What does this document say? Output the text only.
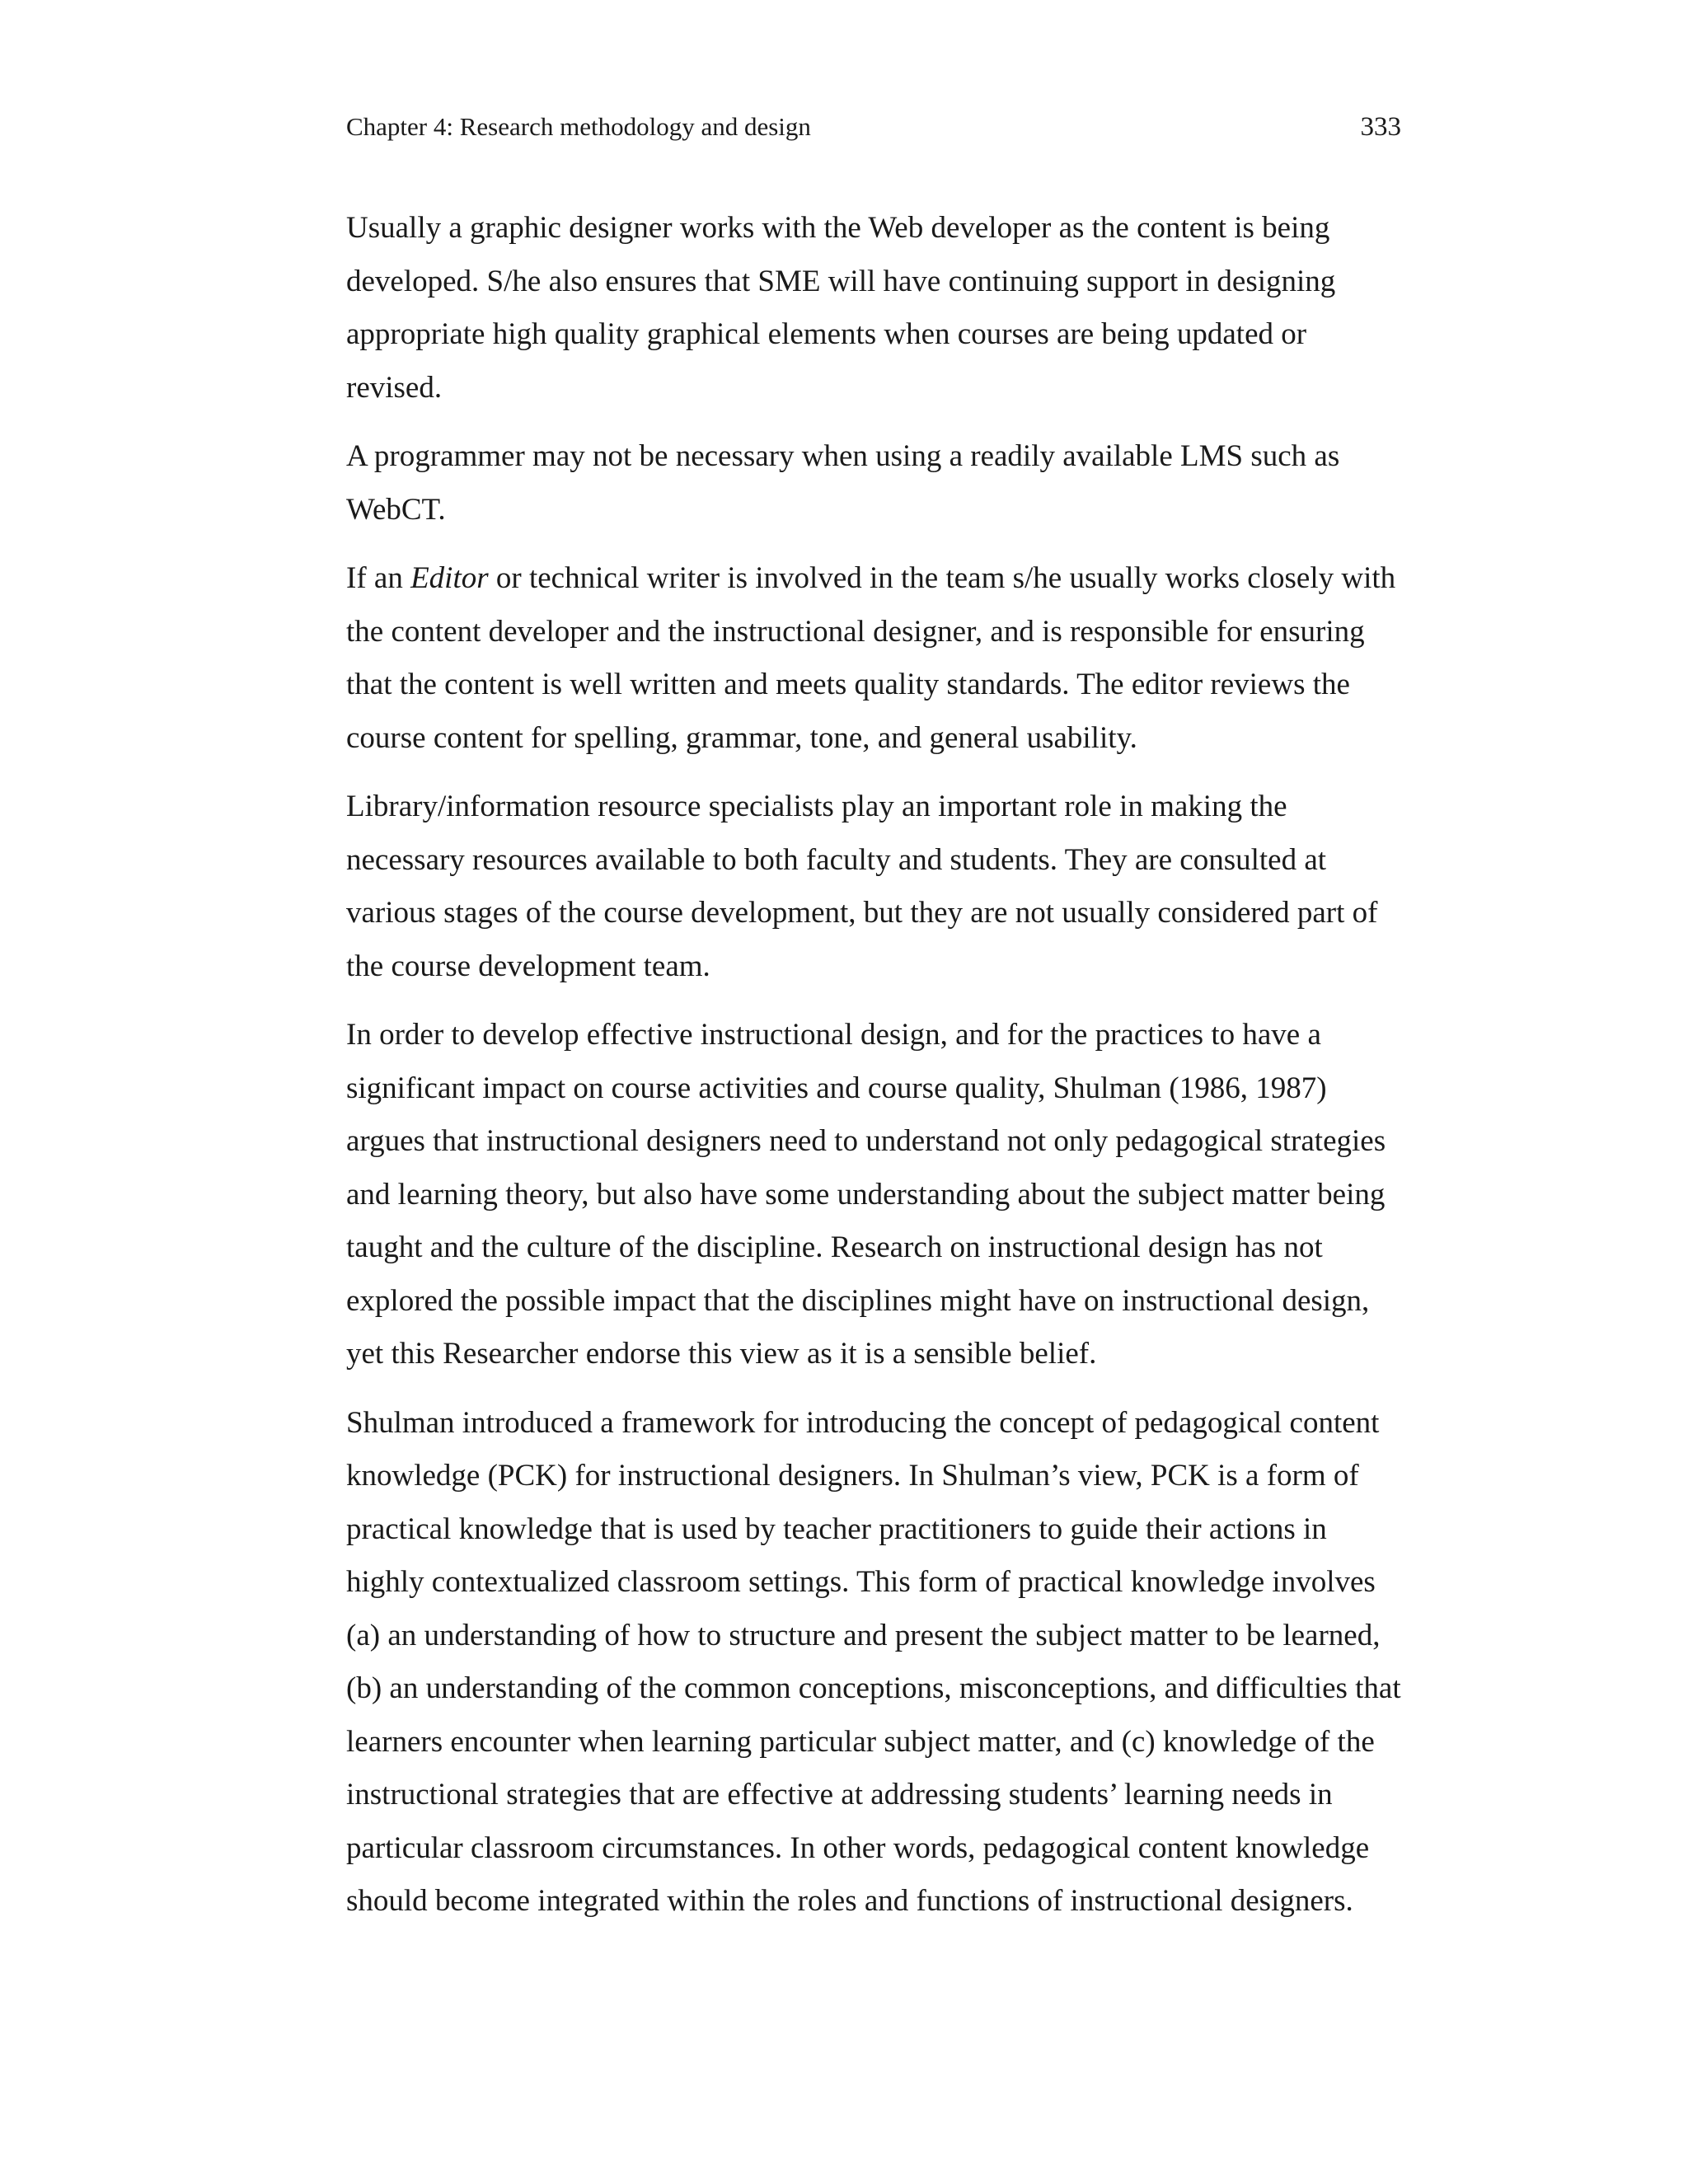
Chapter 4: Research methodology and design	333

Usually a graphic designer works with the Web developer as the content is being
developed. S/he also ensures that SME will have continuing support in designing
appropriate high quality graphical elements when courses are being updated or
revised.

A programmer may not be necessary when using a readily available LMS such as
WebCT.

If an Editor or technical writer is involved in the team s/he usually works closely with
the content developer and the instructional designer, and is responsible for ensuring
that the content is well written and meets quality standards. The editor reviews the
course content for spelling, grammar, tone, and general usability.

Library/information resource specialists play an important role in making the
necessary resources available to both faculty and students. They are consulted at
various stages of the course development, but they are not usually considered part of
the course development team.

In order to develop effective instructional design, and for the practices to have a
significant impact on course activities and course quality, Shulman (1986, 1987)
argues that instructional designers need to understand not only pedagogical strategies
and learning theory, but also have some understanding about the subject matter being
taught and the culture of the discipline. Research on instructional design has not
explored the possible impact that the disciplines might have on instructional design,
yet this Researcher endorse this view as it is a sensible belief.

Shulman introduced a framework for introducing the concept of pedagogical content
knowledge (PCK) for instructional designers. In Shulman’s view, PCK is a form of
practical knowledge that is used by teacher practitioners to guide their actions in
highly contextualized classroom settings. This form of practical knowledge involves
(a) an understanding of how to structure and present the subject matter to be learned,
(b) an understanding of the common conceptions, misconceptions, and difficulties that
learners encounter when learning particular subject matter, and (c) knowledge of the
instructional strategies that are effective at addressing students’ learning needs in
particular classroom circumstances. In other words, pedagogical content knowledge
should become integrated within the roles and functions of instructional designers.
